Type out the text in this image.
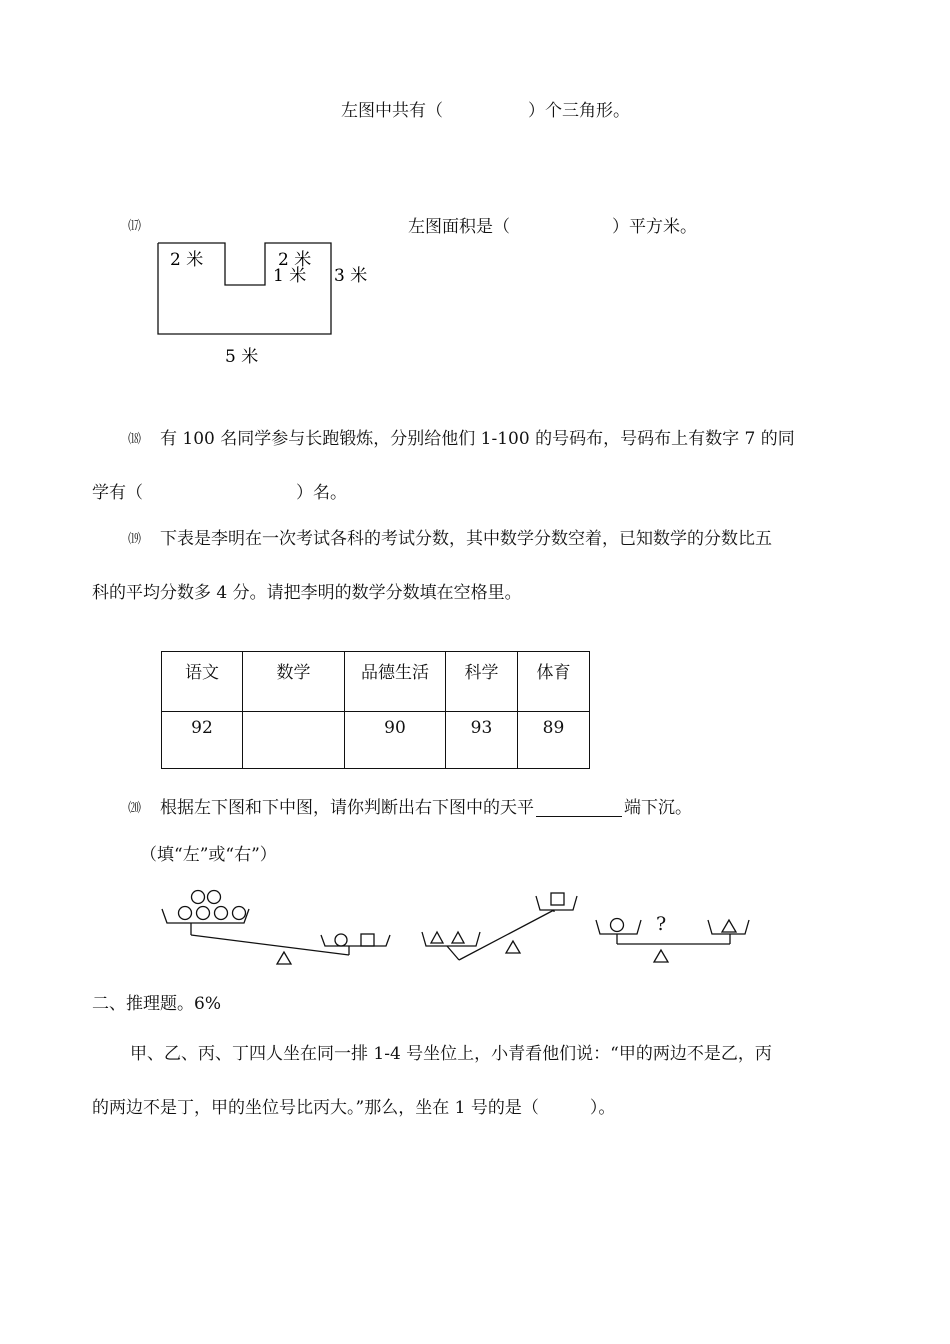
左图中共有（　　　　　）个三角形。
⒄	左图面积是（　　　　　　）平方米。
2 米	2 米
1 米 3 米
5 米
⒅ 有 100 名同学参与长跑锻炼，分别给他们 1-100 的号码布，号码布上有数字 7 的同
学有（　　　　　　　　　）名。
⒆ 下表是李明在一次考试各科的考试分数，其中数学分数空着，已知数学的分数比五
科的平均分数多 4 分。请把李明的数学分数填在空格里。
语文	数学	品德生活	科学	体育
92		90	93	89
⒇ 根据左下图和下中图，请你判断出右下图中的天平	端下沉。
（填“左”或“右”）
?
二、推理题。6%
甲、乙、丙、丁四人坐在同一排 1-4 号坐位上，小青看他们说：“甲的两边不是乙，丙
的两边不是丁，甲的坐位号比丙大。”那么，坐在 1 号的是（　　　）。
